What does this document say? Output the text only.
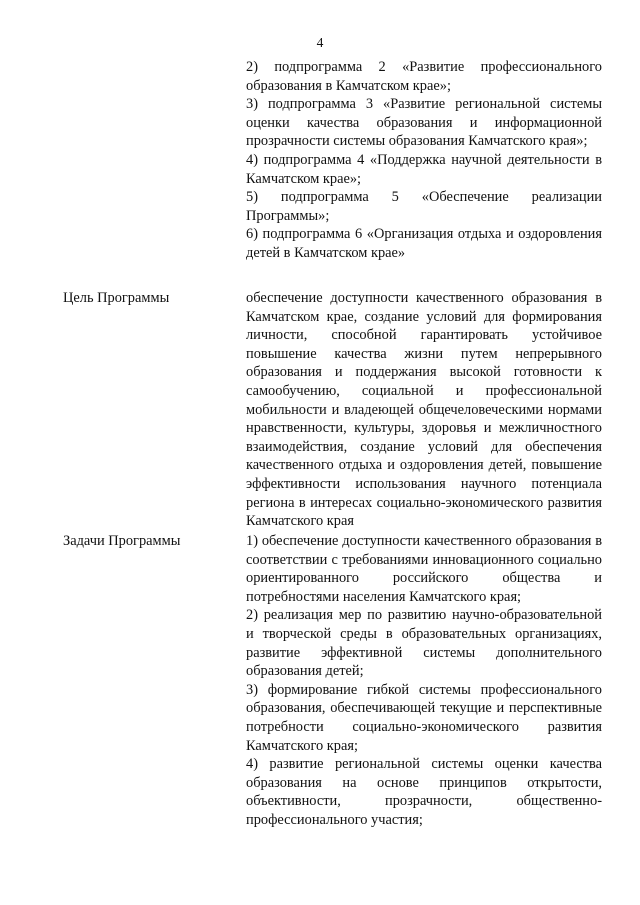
4

2) подпрограмма 2 «Развитие профессионального образования в Камчатском крае»;

3) подпрограмма 3 «Развитие региональной системы оценки качества образования и информационной прозрачности системы образования Камчатского края»;

4) подпрограмма 4 «Поддержка научной деятельности в Камчатском крае»;

5) подпрограмма 5 «Обеспечение реализации Программы»;

6) подпрограмма 6 «Организация отдыха и оздоровления детей в Камчатском крае»

Цель Программы	обеспечение доступности качественного образования в Камчатском крае, создание условий для формирования личности, способной гарантировать устойчивое повышение качества жизни путем непрерывного образования и поддержания высокой готовности к самообучению, социальной и профессиональной мобильности и владеющей общечеловеческими нормами нравственности, культуры, здоровья и межличностного взаимодействия, создание условий для обеспечения качественного отдыха и оздоровления детей, повышение эффективности использования научного потенциала региона в интересах социально-экономического развития Камчатского края

Задачи Программы	1) обеспечение доступности качественного образования в соответствии с требованиями инновационного социально ориентированного российского общества и потребностями населения Камчатского края;

2) реализация мер по развитию научно-образовательной и творческой среды в образовательных организациях, развитие эффективной системы дополнительного образования детей;

3) формирование гибкой системы профессионального образования, обеспечивающей текущие и перспективные потребности социально-экономического развития Камчатского края;

4) развитие региональной системы оценки качества образования на основе принципов открытости, объективности, прозрачности, общественно-профессионального участия;
